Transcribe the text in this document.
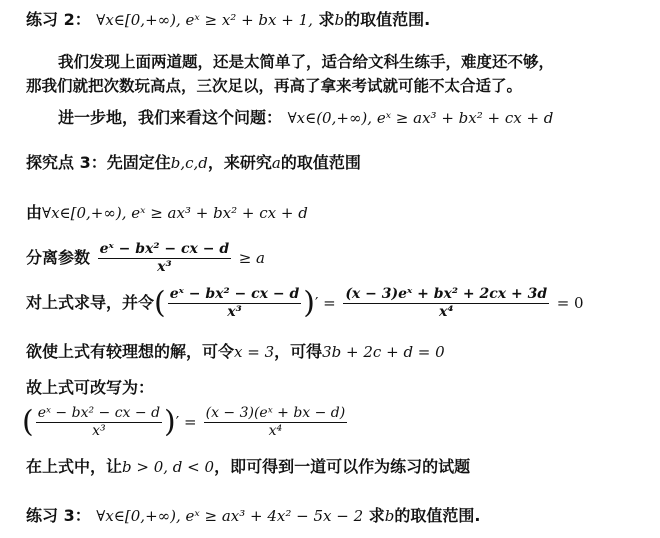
练习 2： ∀x∈[0,+∞), eˣ ≥ x² + bx + 1, 求b的取值范围.
我们发现上面两道题，还是太简单了，适合给文科生练手，难度还不够，
那我们就把次数玩高点，三次足以，再高了拿来考试就可能不太合适了。
进一步地，我们来看这个问题： ∀x∈(0,+∞), eˣ ≥ ax³ + bx² + cx + d
探究点 3：先固定住b,c,d，来研究a的取值范围
由∀x∈[0,+∞), eˣ ≥ ax³ + bx² + cx + d
分离参数 $\frac{\text{eˣ − bx² − cx − d}}{\text{x³}} \ge a$
对上式求导，并令( $\frac{\text{eˣ − bx² − cx − d}}{\text{x³}}$ )′ = $\frac{\text{(x − 3)eˣ + bx² + 2cx + 3d}}{\text{x⁴}} = 0$
欲使上式有较理想的解，可令x = 3，可得3b + 2c + d = 0
故上式可改写为：
( $\frac{\text{eˣ − bx² − cx − d}}{\text{x³}}$ )′ = $\frac{\text{(x − 3)(eˣ + bx − d)}}{\text{x⁴}}$
在上式中，让b > 0, d < 0，即可得到一道可以作为练习的试题
练习 3： ∀x∈[0,+∞), eˣ ≥ ax³ + 4x² − 5x − 2 求b的取值范围.
